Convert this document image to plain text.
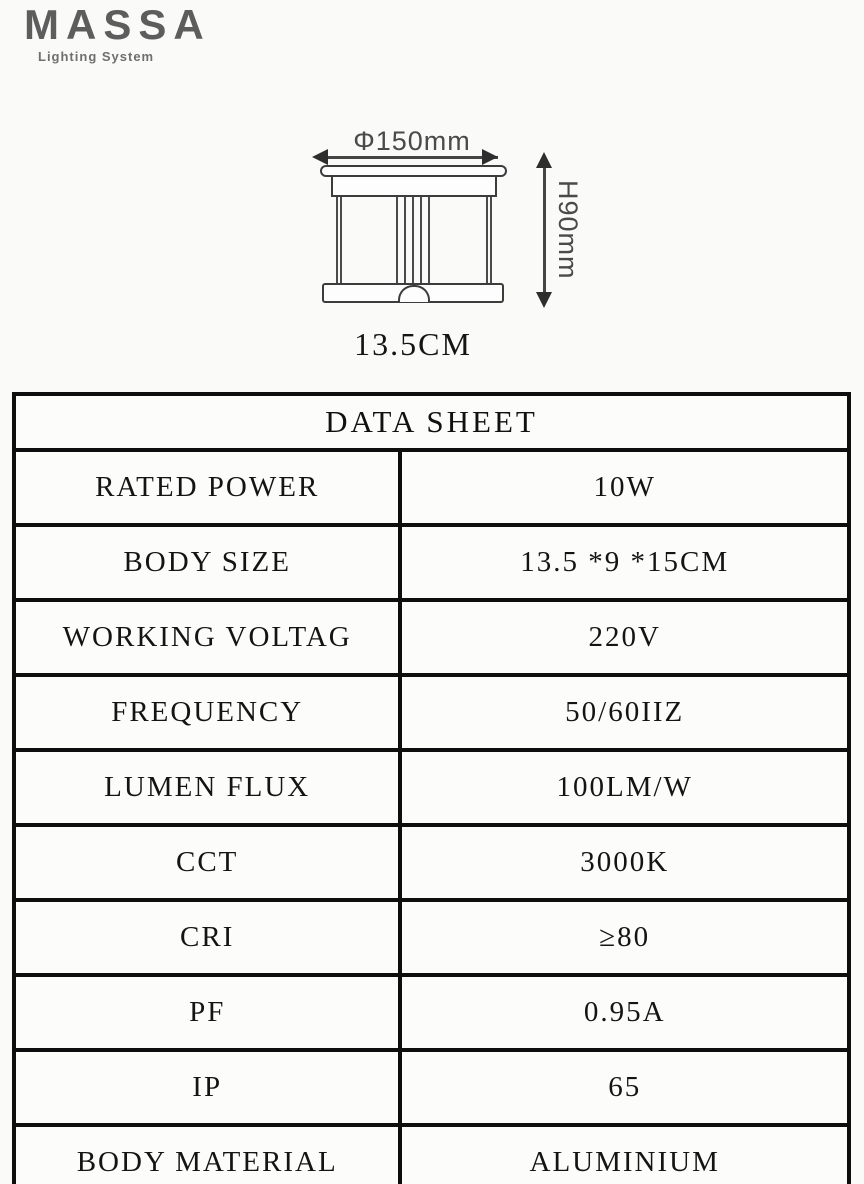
MASSA
Lighting System
Φ150mm
H90mm
13.5CM
DATA SHEET
RATED POWER	10W
BODY SIZE	13.5 *9 *15CM
WORKING VOLTAG	220V
FREQUENCY	50/60IIZ
LUMEN FLUX	100LM/W
CCT	3000K
CRI	≥80
PF	0.95A
IP	65
BODY MATERIAL	ALUMINIUM
